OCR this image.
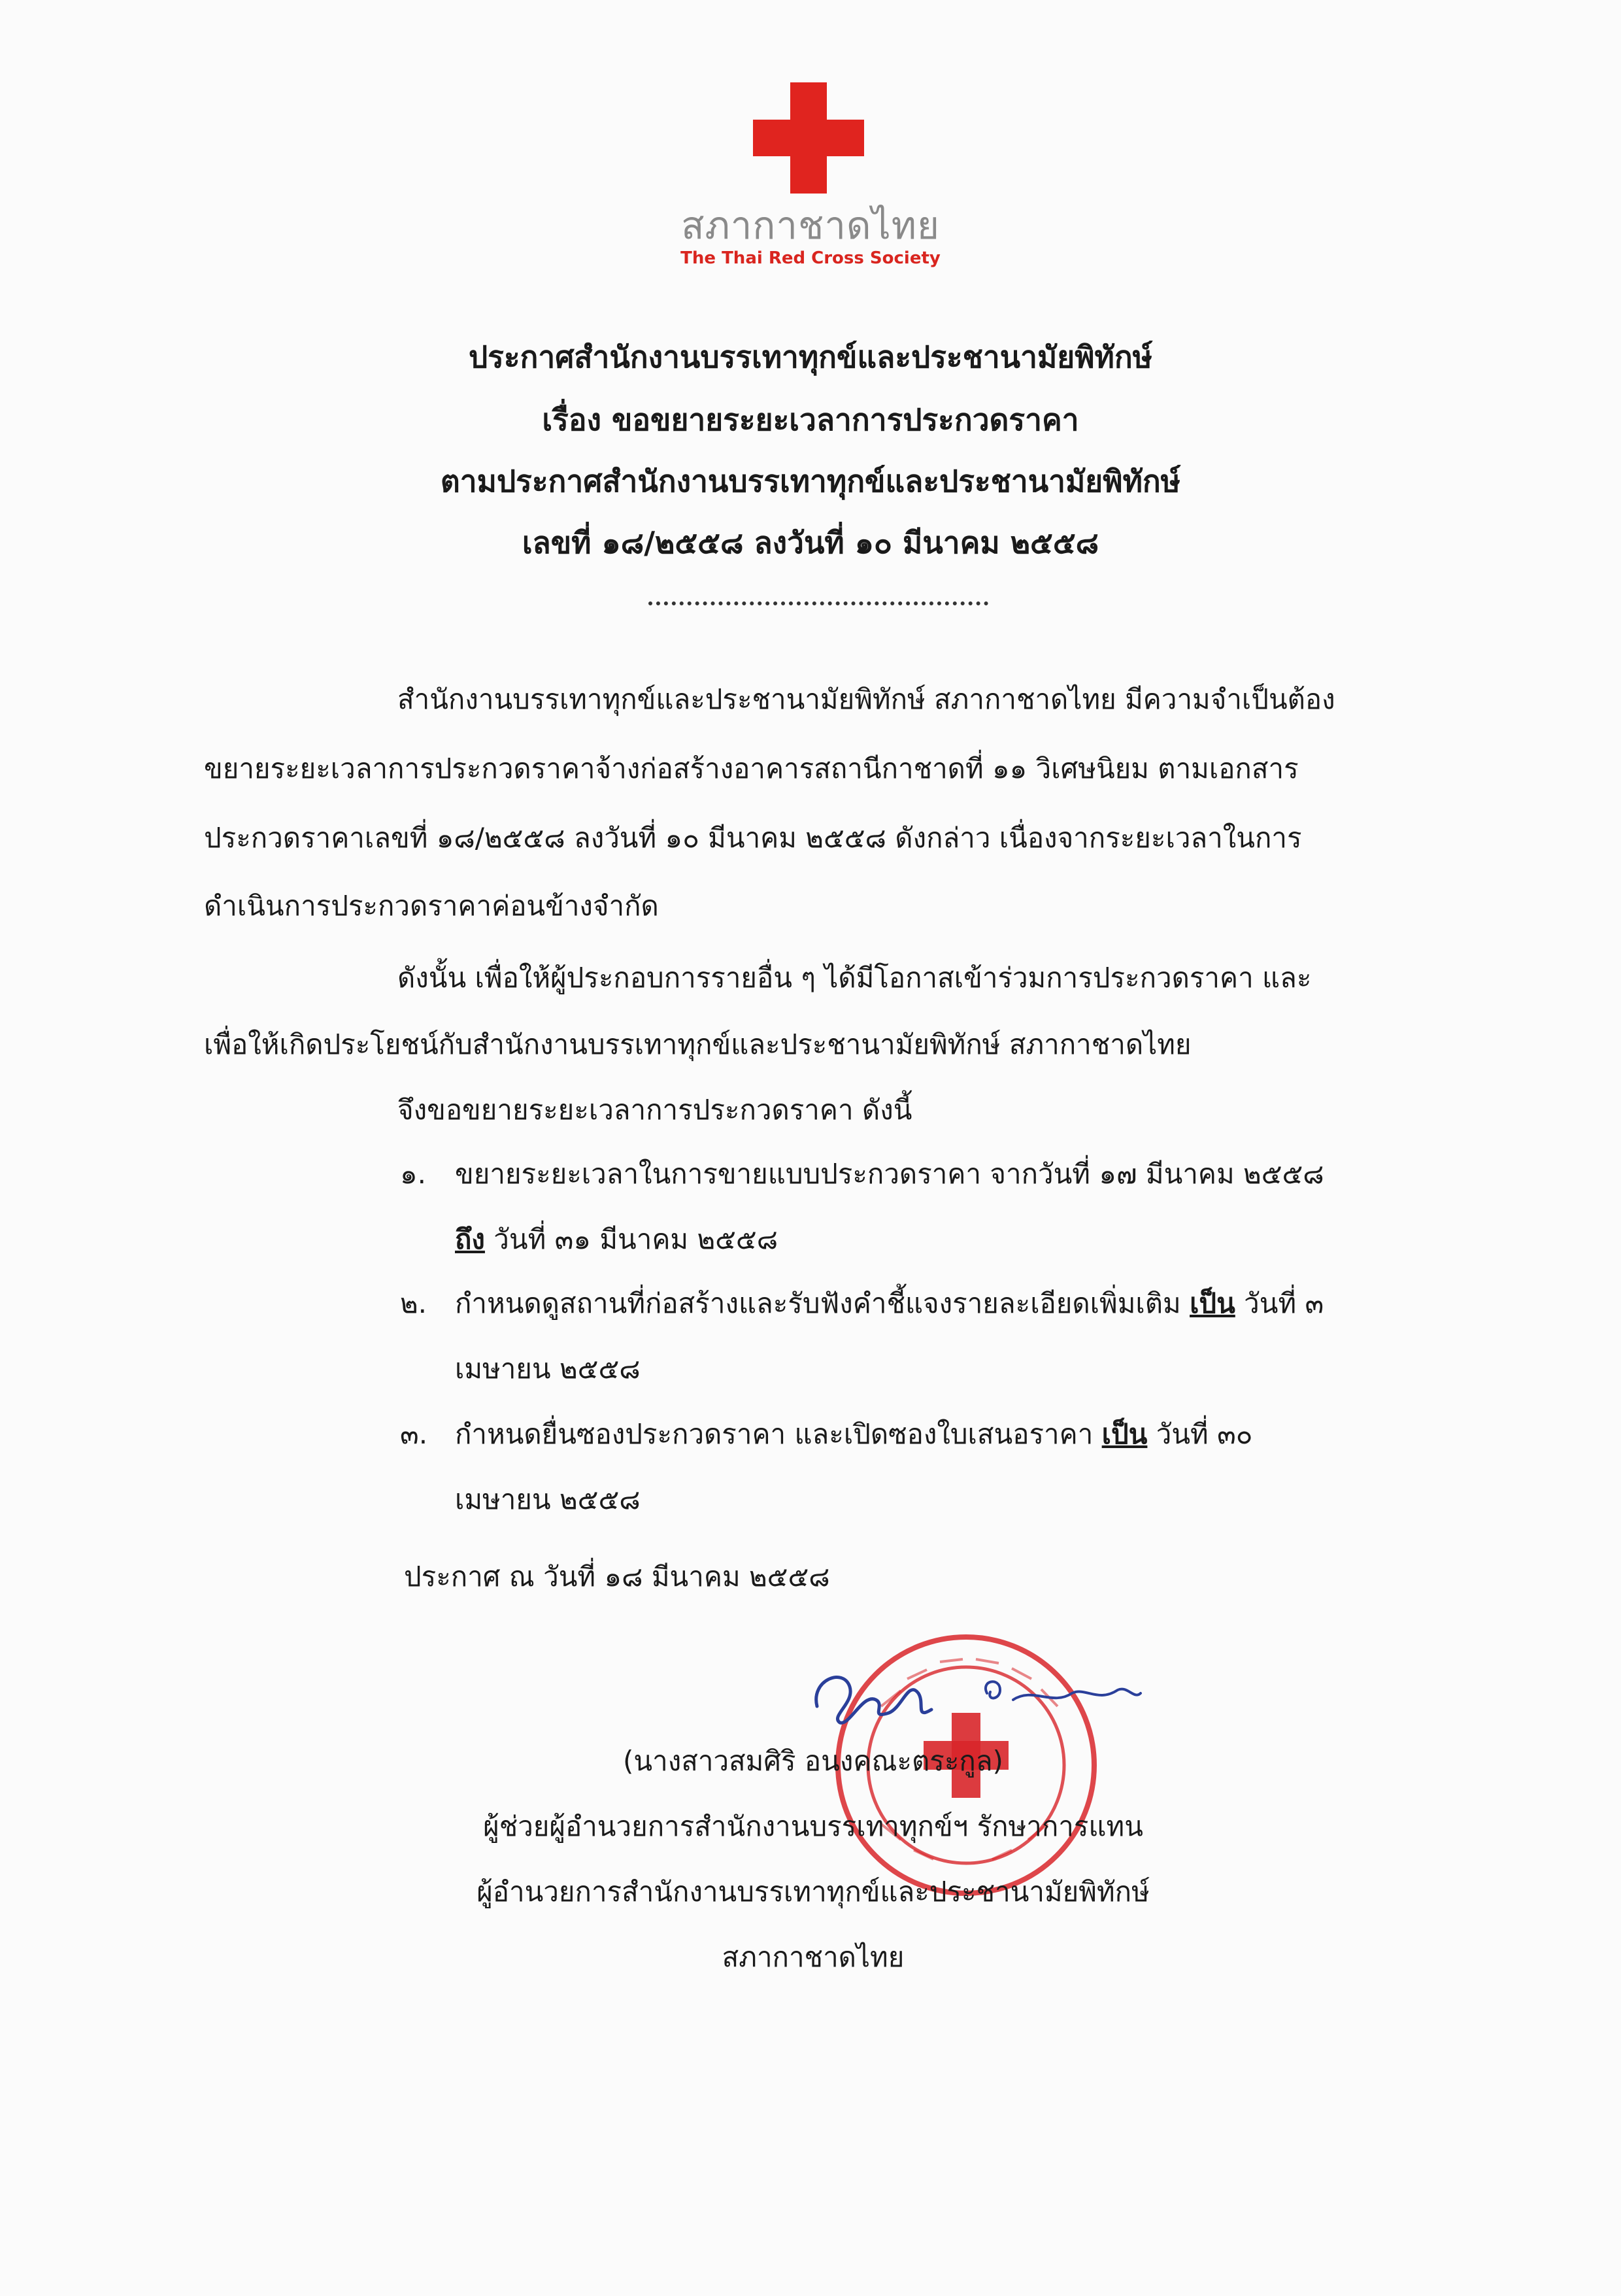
สภากาชาดไทย
The Thai Red Cross Society
ประกาศสำนักงานบรรเทาทุกข์และประชานามัยพิทักษ์
เรื่อง ขอขยายระยะเวลาการประกวดราคา
ตามประกาศสำนักงานบรรเทาทุกข์และประชานามัยพิทักษ์
เลขที่ ๑๘/๒๕๕๘ ลงวันที่ ๑๐ มีนาคม ๒๕๕๘
สำนักงานบรรเทาทุกข์และประชานามัยพิทักษ์ สภากาชาดไทย มีความจำเป็นต้อง
ขยายระยะเวลาการประกวดราคาจ้างก่อสร้างอาคารสถานีกาชาดที่ ๑๑ วิเศษนิยม ตามเอกสาร
ประกวดราคาเลขที่ ๑๘/๒๕๕๘ ลงวันที่ ๑๐ มีนาคม ๒๕๕๘ ดังกล่าว เนื่องจากระยะเวลาในการ
ดำเนินการประกวดราคาค่อนข้างจำกัด
ดังนั้น เพื่อให้ผู้ประกอบการรายอื่น ๆ ได้มีโอกาสเข้าร่วมการประกวดราคา และ
เพื่อให้เกิดประโยชน์กับสำนักงานบรรเทาทุกข์และประชานามัยพิทักษ์ สภากาชาดไทย
จึงขอขยายระยะเวลาการประกวดราคา ดังนี้
๑. ขยายระยะเวลาในการขายแบบประกวดราคา จากวันที่ ๑๗ มีนาคม ๒๕๕๘
ถึง วันที่ ๓๑ มีนาคม ๒๕๕๘
๒. กำหนดดูสถานที่ก่อสร้างและรับฟังคำชี้แจงรายละเอียดเพิ่มเติม เป็น วันที่ ๓
เมษายน ๒๕๕๘
๓. กำหนดยื่นซองประกวดราคา และเปิดซองใบเสนอราคา เป็น วันที่ ๓๐
เมษายน ๒๕๕๘
ประกาศ ณ วันที่ ๑๘ มีนาคม ๒๕๕๘
(นางสาวสมศิริ อนงคณะตระกูล)
ผู้ช่วยผู้อำนวยการสำนักงานบรรเทาทุกข์ฯ รักษาการแทน
ผู้อำนวยการสำนักงานบรรเทาทุกข์และประชานามัยพิทักษ์
สภากาชาดไทย
